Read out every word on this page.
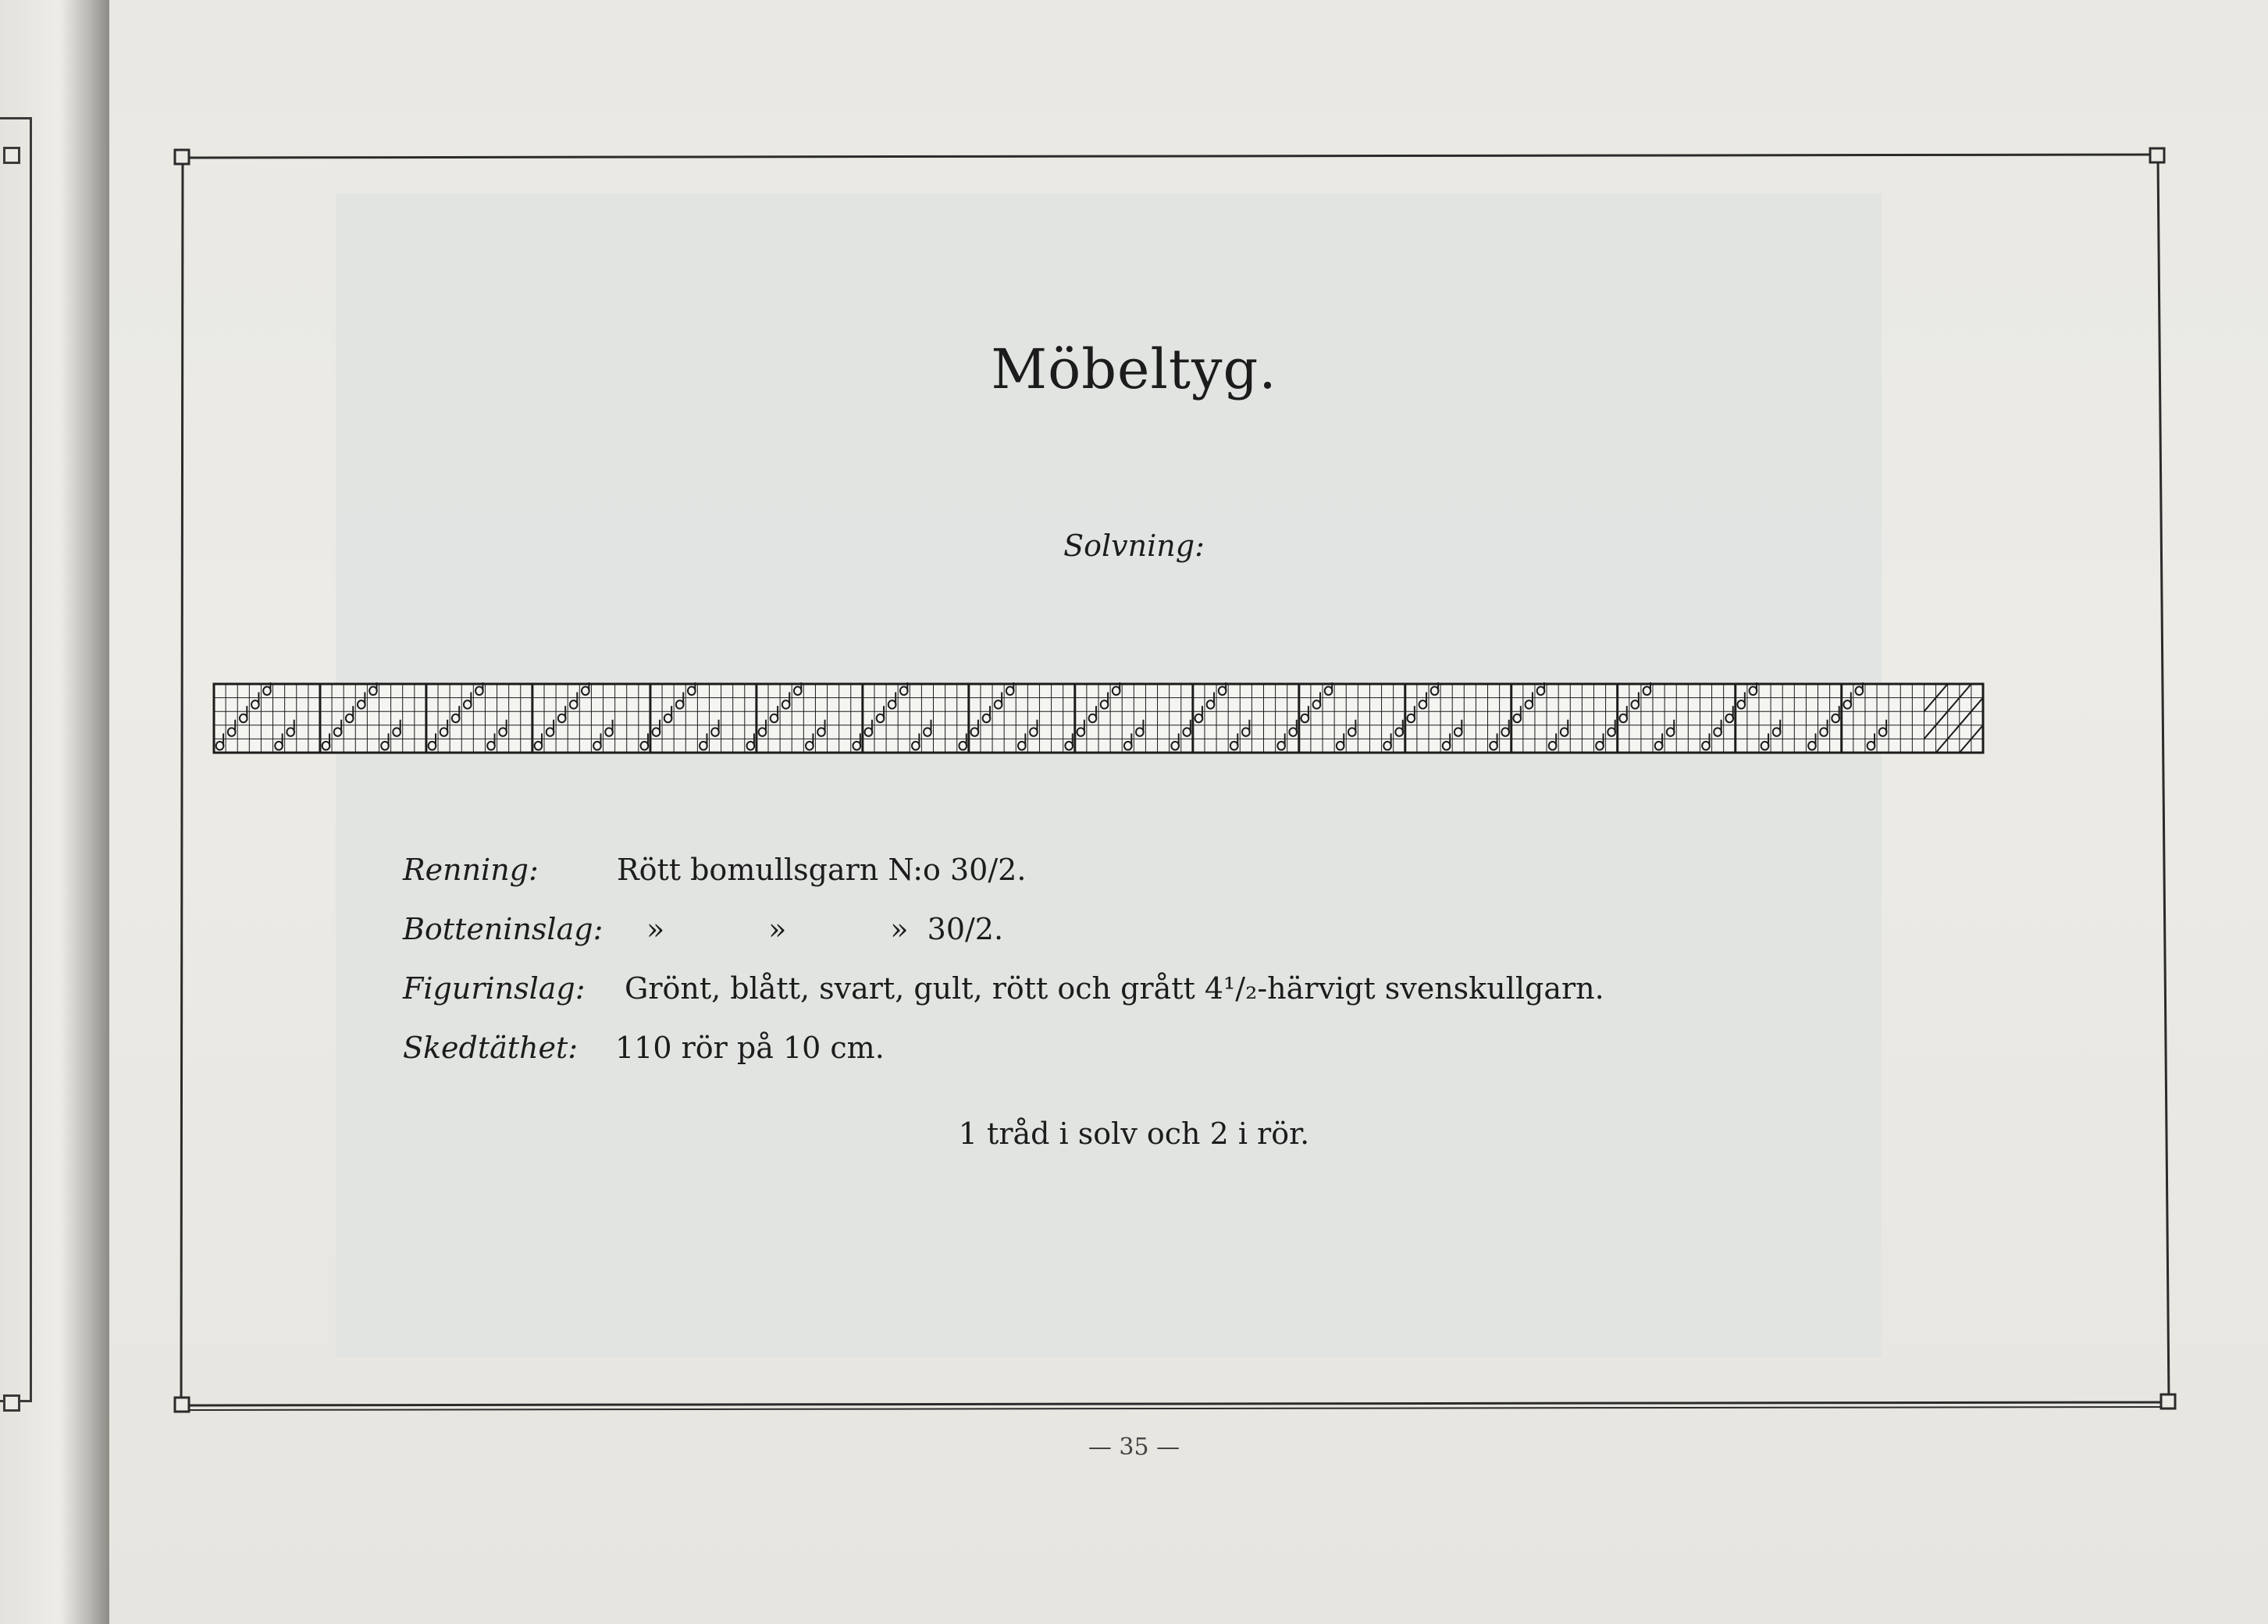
Möbeltyg.
Solvning:
Renning:	Rött bomullsgarn N:o 30/2.
Botteninslag: »           »           »  30/2.
Figurinslag: Grönt, blått, svart, gult, rött och grått 4¹/₂-härvigt svenskullgarn.
Skedtäthet: 110 rör på 10 cm.
1 tråd i solv och 2 i rör.
— 35 —
